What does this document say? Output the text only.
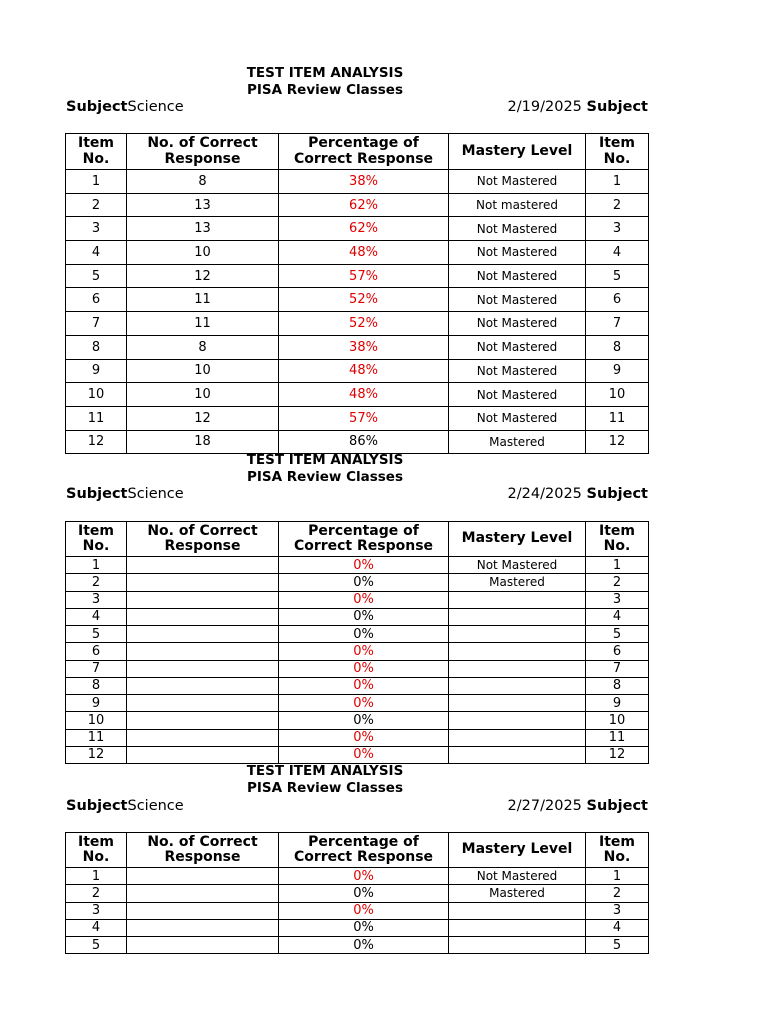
TEST ITEM ANALYSIS
PISA Review Classes
SubjectScience	2/19/2025 Subject
Item No.	No. of Correct Response	Percentage of Correct Response	Mastery Level	Item No.
1	8	38%	Not Mastered	1
2	13	62%	Not mastered	2
3	13	62%	Not Mastered	3
4	10	48%	Not Mastered	4
5	12	57%	Not Mastered	5
6	11	52%	Not Mastered	6
7	11	52%	Not Mastered	7
8	8	38%	Not Mastered	8
9	10	48%	Not Mastered	9
10	10	48%	Not Mastered	10
11	12	57%	Not Mastered	11
12	18	86%	Mastered	12
TEST ITEM ANALYSIS
PISA Review Classes
SubjectScience	2/24/2025 Subject
Item No.	No. of Correct Response	Percentage of Correct Response	Mastery Level	Item No.
1		0%	Not Mastered	1
2		0%	Mastered	2
3		0%		3
4		0%		4
5		0%		5
6		0%		6
7		0%		7
8		0%		8
9		0%		9
10		0%		10
11		0%		11
12		0%		12
TEST ITEM ANALYSIS
PISA Review Classes
SubjectScience	2/27/2025 Subject
Item No.	No. of Correct Response	Percentage of Correct Response	Mastery Level	Item No.
1		0%	Not Mastered	1
2		0%	Mastered	2
3		0%		3
4		0%		4
5		0%		5
